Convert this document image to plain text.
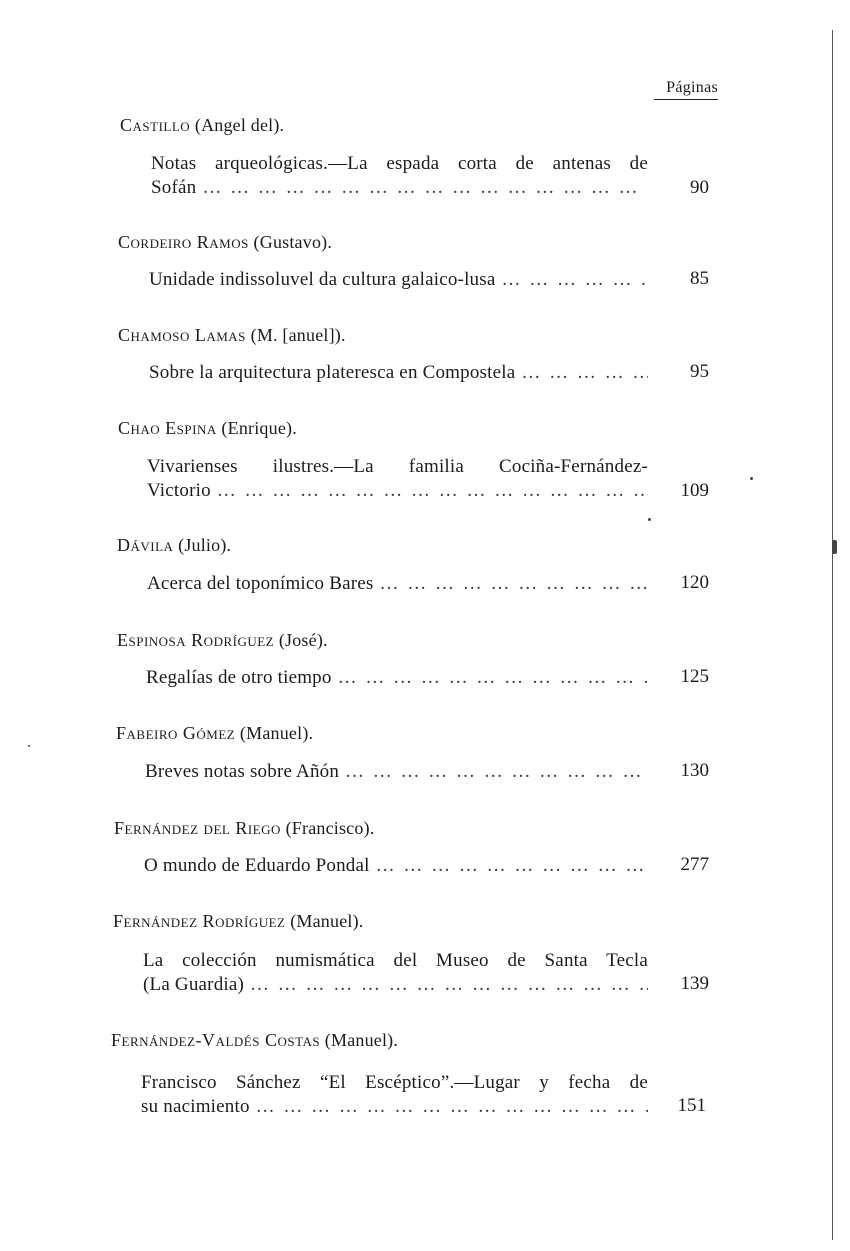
Páginas
Castillo (Angel del).
Notas arqueológicas.—La espada corta de antenas de
Sofán … … … … … … … … … … … … … … … … … … … … … … … … … … … … … … … … … … …	90
Cordeiro Ramos (Gustavo).
Unidade indissoluvel da cultura galaico-lusa … … … … … … … … … … … … … … … … … … … … … … … … … … … … … … … … … … …	85
Chamoso Lamas (M. [anuel]).
Sobre la arquitectura plateresca en Compostela … … … … … … … … … … … … … … … … … … … … … … … … … … … … … … … … … … …	95
Chao Espina (Enrique).
Vivarienses ilustres.—La familia Cociña-Fernández-
Victorio … … … … … … … … … … … … … … … … … … … … … … … … … … … … … … … … … … …	109
Dávila (Julio).
Acerca del toponímico Bares … … … … … … … … … … … … … … … … … … … … … … … … … … … … … … … … … … …	120
Espinosa Rodríguez (José).
Regalías de otro tiempo … … … … … … … … … … … … … … … … … … … … … … … … … … … … … … … … … … …	125
Fabeiro Gómez (Manuel).
Breves notas sobre Añón … … … … … … … … … … … … … … … … … … … … … … … … … … … … … … … … … … …	130
Fernández del Riego (Francisco).
O mundo de Eduardo Pondal … … … … … … … … … … … … … … … … … … … … … … … … … … … … … … … … … … …	277
Fernández Rodríguez (Manuel).
La colección numismática del Museo de Santa Tecla
(La Guardia) … … … … … … … … … … … … … … … … … … … … … … … … … … … … … … … … … … …	139
Fernández-Valdés Costas (Manuel).
Francisco Sánchez “El Escéptico”.—Lugar y fecha de
su nacimiento … … … … … … … … … … … … … … … … … … … … … … … … … … … … … … … … … … …	151
